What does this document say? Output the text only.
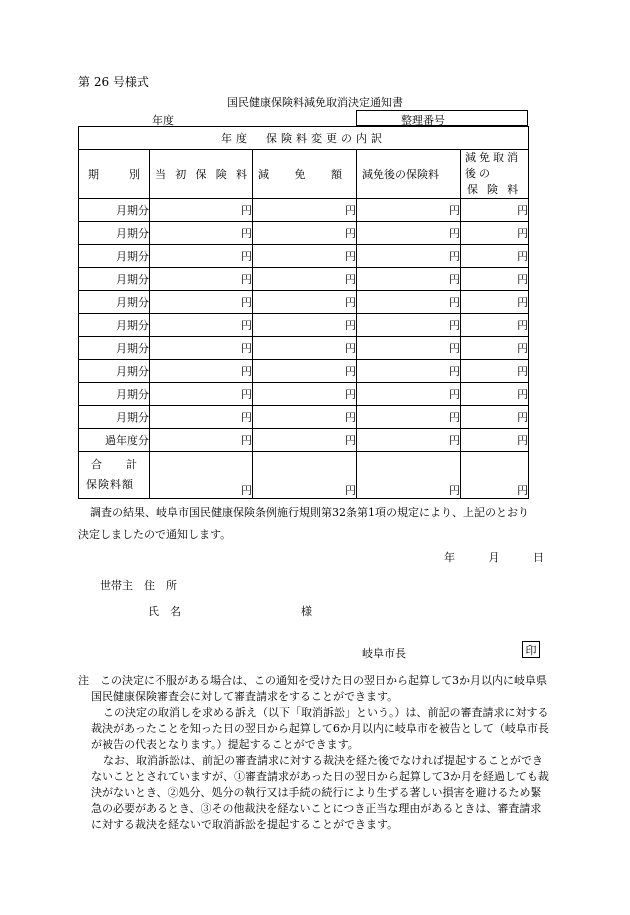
第 26 号様式
国民健康保険料減免取消決定通知書
年度	整理番号
年度　保険料変更の内訳				

期 別	当 初 保 険 料	減 免 額	減免後の保険料	減免取消後の
保 険 料

月期分	円	円	円	円
月期分	円	円	円	円
月期分	円	円	円	円
月期分	円	円	円	円
月期分	円	円	円	円
月期分	円	円	円	円
月期分	円	円	円	円
月期分	円	円	円	円
月期分	円	円	円	円
月期分	円	円	円	円
過年度分	円	円	円	円

合 計
保険料額	円	円	円	円
調査の結果、岐阜市国民健康保険条例施行規則第32条第1項の規定により、上記のとおり決定しましたので通知します。
年	月	日
世帯主　住　所
氏　名	様
岐阜市長	印

注　この決定に不服がある場合は、この通知を受けた日の翌日から起算して3か月以内に岐阜県国民健康保険審査会に対して審査請求をすることができます。

この決定の取消しを求める訴え（以下「取消訴訟」という。）は、前記の審査請求に対する裁決があったことを知った日の翌日から起算して6か月以内に岐阜市を被告として（岐阜市長が被告の代表となります。）提起することができます。

なお、取消訴訟は、前記の審査請求に対する裁決を経た後でなければ提起することができないこととされていますが、①審査請求があった日の翌日から起算して3か月を経過しても裁決がないとき、②処分、処分の執行又は手続の続行により生ずる著しい損害を避けるため緊急の必要があるとき、③その他裁決を経ないことにつき正当な理由があるときは、審査請求に対する裁決を経ないで取消訴訟を提起することができます。
